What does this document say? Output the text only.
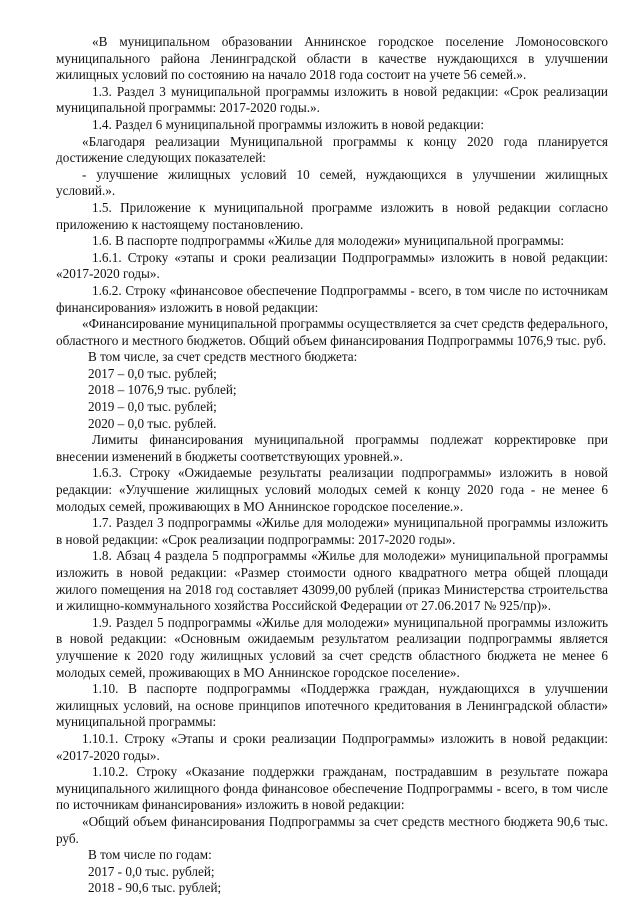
«В муниципальном образовании Аннинское городское поселение Ломоносовского муниципального района Ленинградской области в качестве нуждающихся в улучшении жилищных условий по состоянию на начало 2018 года состоит на учете 56 семей.».

1.3. Раздел 3 муниципальной программы изложить в новой редакции: «Срок реализации муниципальной программы: 2017-2020 годы.».

1.4. Раздел 6 муниципальной программы изложить в новой редакции:

«Благодаря реализации Муниципальной программы к концу 2020 года планируется достижение следующих показателей:

- улучшение жилищных условий 10 семей, нуждающихся в улучшении жилищных условий.».

1.5. Приложение к муниципальной программе изложить в новой редакции согласно приложению к настоящему постановлению.

1.6. В паспорте подпрограммы «Жилье для молодежи» муниципальной программы:

1.6.1. Строку «этапы и сроки реализации Подпрограммы» изложить в новой редакции: «2017-2020 годы».

1.6.2. Строку «финансовое обеспечение Подпрограммы - всего, в том числе по источникам финансирования» изложить в новой редакции:

«Финансирование муниципальной программы осуществляется за счет средств федерального, областного и местного бюджетов. Общий объем финансирования Подпрограммы 1076,9 тыс. руб.

В том числе, за счет средств местного бюджета:

2017 – 0,0 тыс. рублей;

2018 – 1076,9 тыс. рублей;

2019 – 0,0 тыс. рублей;

2020 – 0,0 тыс. рублей.

Лимиты финансирования муниципальной программы подлежат корректировке при внесении изменений в бюджеты соответствующих уровней.».

1.6.3. Строку «Ожидаемые результаты реализации подпрограммы» изложить в новой редакции: «Улучшение жилищных условий молодых семей к концу 2020 года - не менее 6 молодых семей, проживающих в МО Аннинское городское поселение.».

1.7. Раздел 3 подпрограммы «Жилье для молодежи» муниципальной программы изложить в новой редакции: «Срок реализации подпрограммы: 2017-2020 годы».

1.8. Абзац 4 раздела 5 подпрограммы «Жилье для молодежи» муниципальной программы изложить в новой редакции: «Размер стоимости одного квадратного метра общей площади жилого помещения на 2018 год составляет 43099,00 рублей (приказ Министерства строительства и жилищно-коммунального хозяйства Российской Федерации от 27.06.2017 № 925/пр)».

1.9. Раздел 5 подпрограммы «Жилье для молодежи» муниципальной программы изложить в новой редакции: «Основным ожидаемым результатом реализации подпрограммы является улучшение к 2020 году жилищных условий за счет средств областного бюджета не менее 6 молодых семей, проживающих в МО Аннинское городское поселение».

1.10. В паспорте подпрограммы «Поддержка граждан, нуждающихся в улучшении жилищных условий, на основе принципов ипотечного кредитования в Ленинградской области» муниципальной программы:

1.10.1. Строку «Этапы и сроки реализации Подпрограммы» изложить в новой редакции: «2017-2020 годы».

1.10.2. Строку «Оказание поддержки гражданам, пострадавшим в результате пожара муниципального жилищного фонда финансовое обеспечение Подпрограммы - всего, в том числе по источникам финансирования» изложить в новой редакции:

«Общий объем финансирования Подпрограммы за счет средств местного бюджета 90,6 тыс. руб.

В том числе по годам:

2017 - 0,0 тыс. рублей;

2018 - 90,6 тыс. рублей;
